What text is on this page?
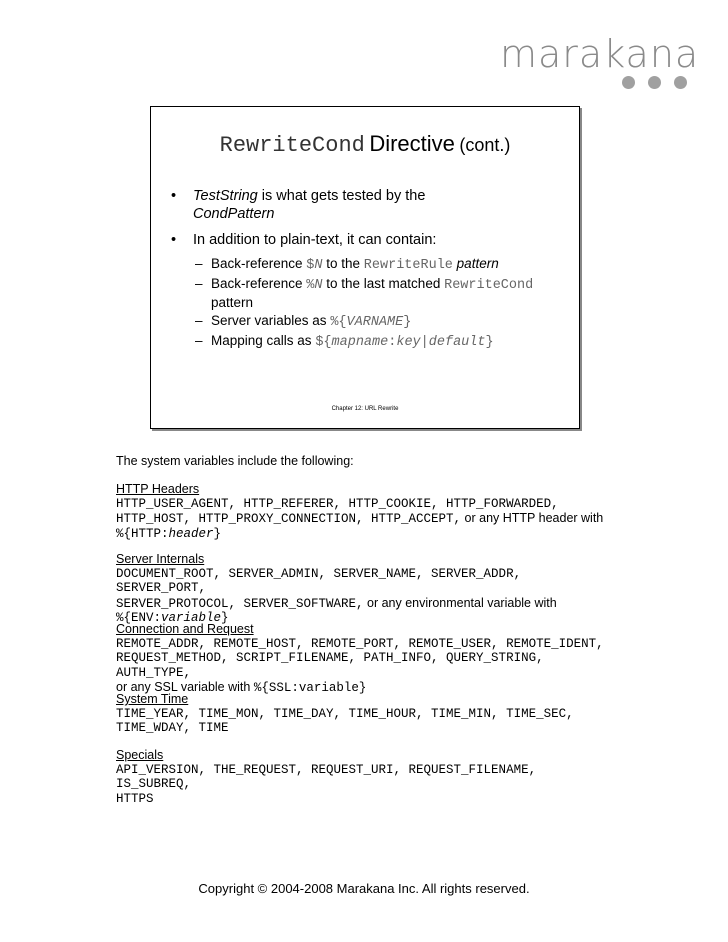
marakana
RewriteCond Directive (cont.)
• TestString is what gets tested by the
CondPattern
• In addition to plain-text, it can contain:
– Back-reference $N to the RewriteRule pattern
– Back-reference %N to the last matched RewriteCond
pattern
– Server variables as %{VARNAME}
– Mapping calls as ${mapname:key|default}
Chapter 12: URL Rewrite
The system variables include the following:
HTTP Headers
HTTP_USER_AGENT, HTTP_REFERER, HTTP_COOKIE, HTTP_FORWARDED,
HTTP_HOST, HTTP_PROXY_CONNECTION, HTTP_ACCEPT, or any HTTP header with
%{HTTP:header}
Server Internals
DOCUMENT_ROOT, SERVER_ADMIN, SERVER_NAME, SERVER_ADDR, SERVER_PORT,
SERVER_PROTOCOL, SERVER_SOFTWARE, or any environmental variable with
%{ENV:variable}
Connection and Request
REMOTE_ADDR, REMOTE_HOST, REMOTE_PORT, REMOTE_USER, REMOTE_IDENT,
REQUEST_METHOD, SCRIPT_FILENAME, PATH_INFO, QUERY_STRING, AUTH_TYPE,
or any SSL variable with %{SSL:variable}
System Time
TIME_YEAR, TIME_MON, TIME_DAY, TIME_HOUR, TIME_MIN, TIME_SEC,
TIME_WDAY, TIME
Specials
API_VERSION, THE_REQUEST, REQUEST_URI, REQUEST_FILENAME, IS_SUBREQ,
HTTPS
Copyright © 2004-2008 Marakana Inc. All rights reserved.
